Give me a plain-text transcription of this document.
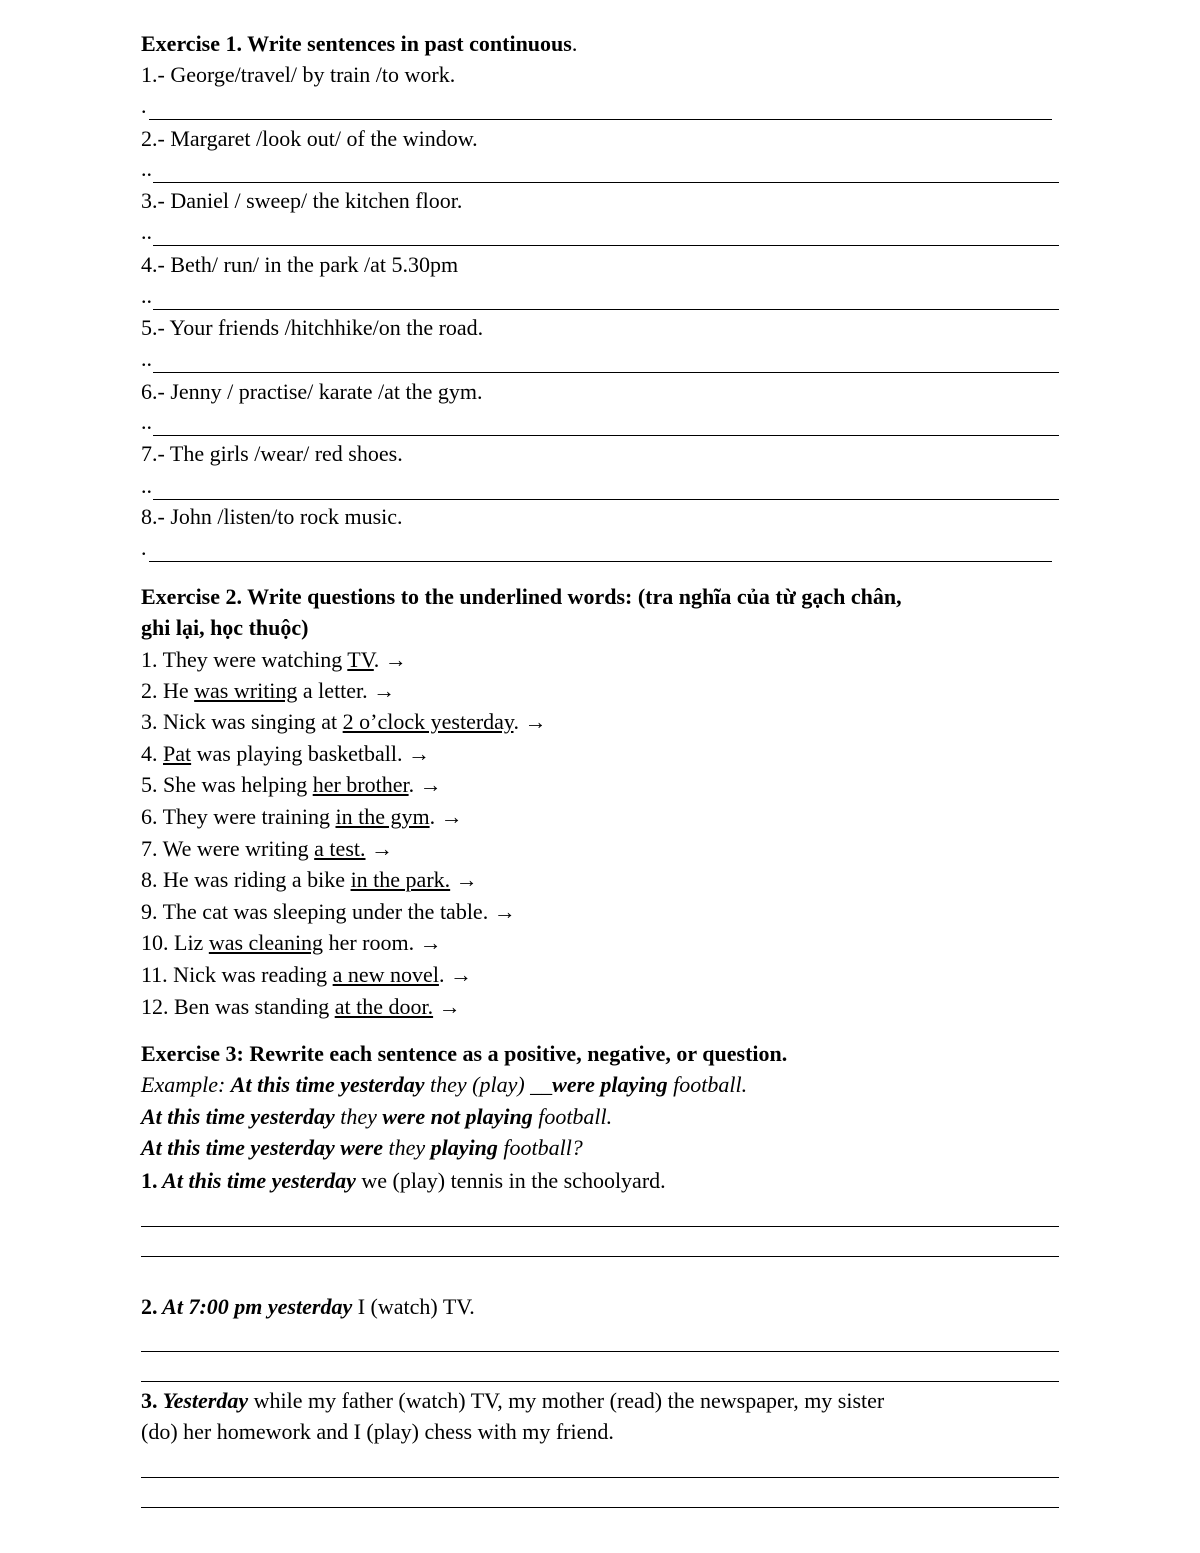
Exercise 1. Write sentences in past continuous.
1.- George/travel/ by train /to work.
.
2.- Margaret /look out/ of the window.
..
3.- Daniel / sweep/ the kitchen floor.
..
4.- Beth/ run/ in the park /at 5.30pm
..
5.- Your friends /hitchhike/on the road.
..
6.- Jenny / practise/ karate /at the gym.
..
7.- The girls /wear/ red shoes.
..
8.- John /listen/to rock music.
.
Exercise 2. Write questions to the underlined words: (tra nghĩa của từ gạch chân,
ghi lại, học thuộc)
1. They were watching TV. →
2. He was writing a letter. →
3. Nick was singing at 2 o’clock yesterday. →
4. Pat was playing basketball. →
5. She was helping her brother. →
6. They were training in the gym. →
7. We were writing a test. →
8. He was riding a bike in the park. →
9. The cat was sleeping under the table. →
10. Liz was cleaning her room. →
11. Nick was reading a new novel. →
12. Ben was standing at the door. →
Exercise 3: Rewrite each sentence as a positive, negative, or question.
Example: At this time yesterday they (play) __were playing football.
At this time yesterday they were not playing football.
At this time yesterday were they playing football?
1. At this time yesterday we (play) tennis in the schoolyard.
2. At 7:00 pm yesterday I (watch) TV.
3. Yesterday while my father (watch) TV, my mother (read) the newspaper, my sister
(do) her homework and I (play) chess with my friend.
